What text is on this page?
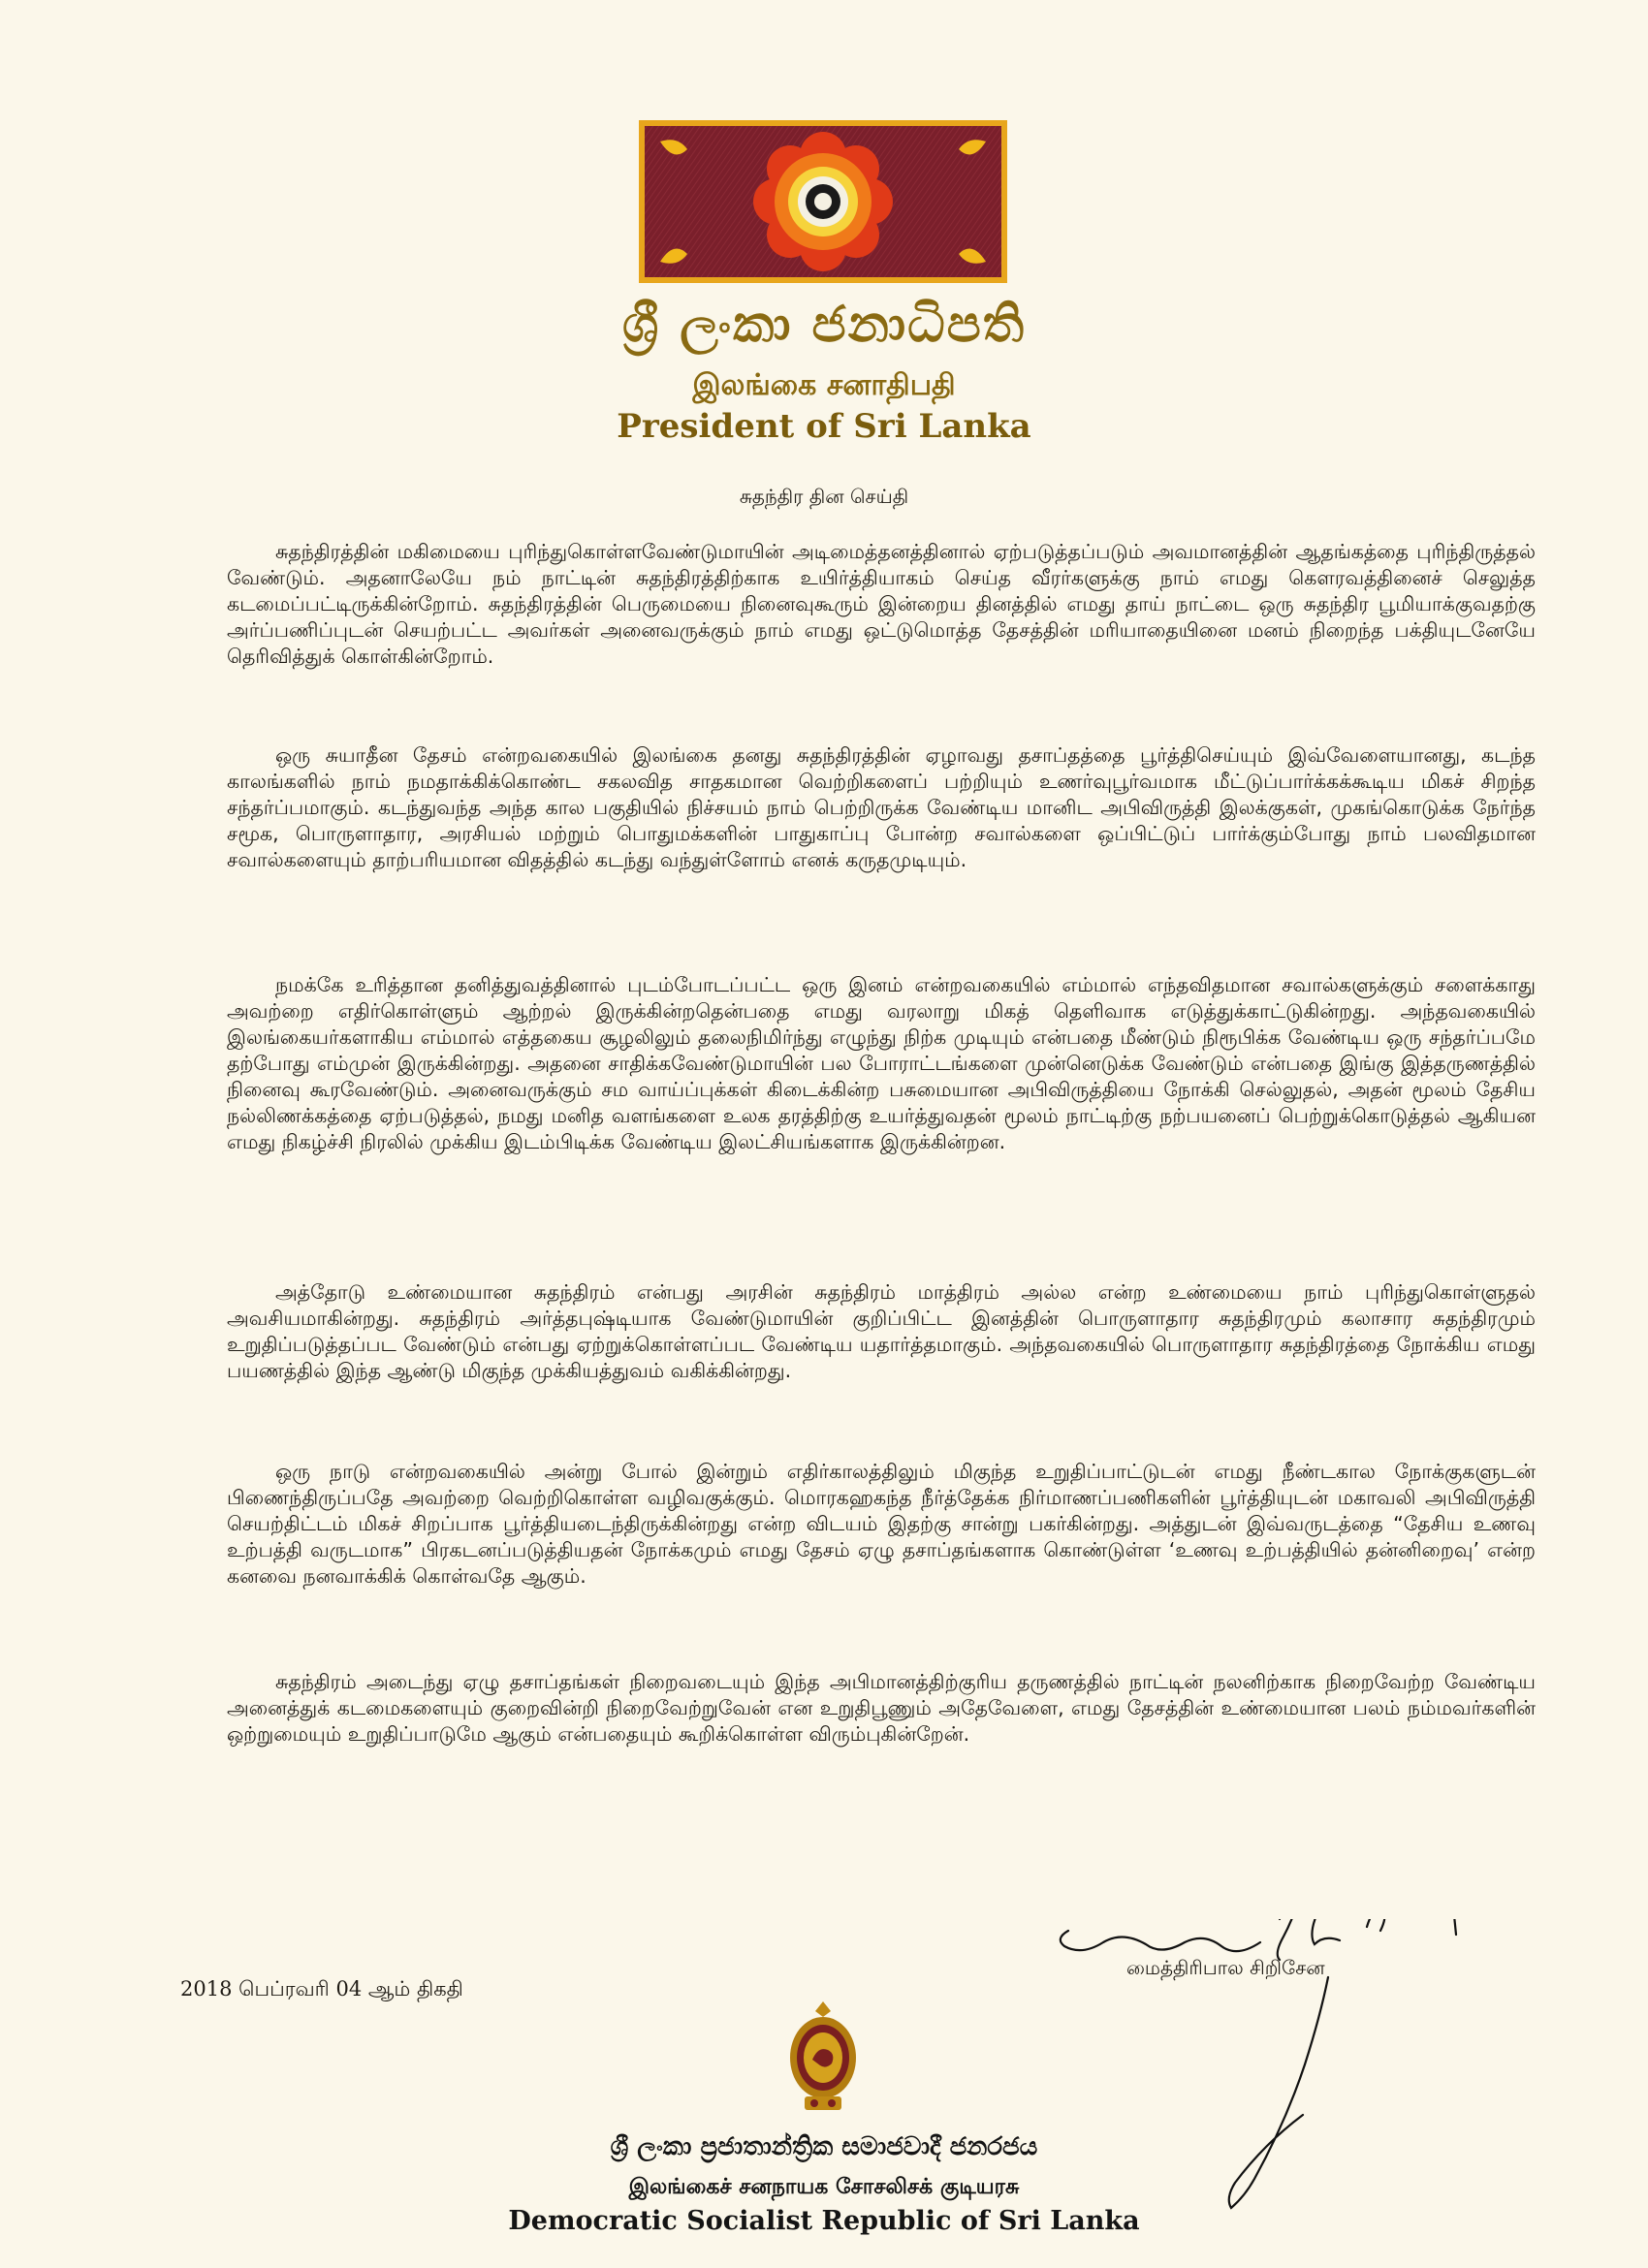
ශ්‍රී ලංකා ජනාධිපති
இலங்கை சனாதிபதி
President of Sri Lanka
சுதந்திர தின செய்தி

சுதந்திரத்தின் மகிமையை புரிந்துகொள்ளவேண்டுமாயின் அடிமைத்தனத்தினால் ஏற்படுத்தப்படும் அவமானத்தின் ஆதங்கத்தை புரிந்திருத்தல் வேண்டும். அதனாலேயே நம் நாட்டின் சுதந்திரத்திற்காக உயிர்த்தியாகம் செய்த வீரர்களுக்கு நாம் எமது கௌரவத்தினைச் செலுத்த கடமைப்பட்டிருக்கின்றோம். சுதந்திரத்தின் பெருமையை நினைவுகூரும் இன்றைய தினத்தில் எமது தாய் நாட்டை ஒரு சுதந்திர பூமியாக்குவதற்கு அர்ப்பணிப்புடன் செயற்பட்ட அவர்கள் அனைவருக்கும் நாம் எமது ஒட்டுமொத்த தேசத்தின் மரியாதையினை மனம் நிறைந்த பக்தியுடனேயே தெரிவித்துக் கொள்கின்றோம்.

ஒரு சுயாதீன தேசம் என்றவகையில் இலங்கை தனது சுதந்திரத்தின் ஏழாவது தசாப்தத்தை பூர்த்திசெய்யும் இவ்வேளையானது, கடந்த காலங்களில் நாம் நமதாக்கிக்கொண்ட சகலவித சாதகமான வெற்றிகளைப் பற்றியும் உணர்வுபூர்வமாக மீட்டுப்பார்க்கக்கூடிய மிகச் சிறந்த சந்தர்ப்பமாகும். கடந்துவந்த அந்த கால பகுதியில் நிச்சயம் நாம் பெற்றிருக்க வேண்டிய மானிட அபிவிருத்தி இலக்குகள், முகங்கொடுக்க நேர்ந்த சமூக, பொருளாதார, அரசியல் மற்றும் பொதுமக்களின் பாதுகாப்பு போன்ற சவால்களை ஒப்பிட்டுப் பார்க்கும்போது நாம் பலவிதமான சவால்களையும் தாற்பரியமான விதத்தில் கடந்து வந்துள்ளோம் எனக் கருதமுடியும்.

நமக்கே உரித்தான தனித்துவத்தினால் புடம்போடப்பட்ட ஒரு இனம் என்றவகையில் எம்மால் எந்தவிதமான சவால்களுக்கும் சளைக்காது அவற்றை எதிர்கொள்ளும் ஆற்றல் இருக்கின்றதென்பதை எமது வரலாறு மிகத் தெளிவாக எடுத்துக்காட்டுகின்றது. அந்தவகையில் இலங்கையர்களாகிய எம்மால் எத்தகைய சூழலிலும் தலைநிமிர்ந்து எழுந்து நிற்க முடியும் என்பதை மீண்டும் நிரூபிக்க வேண்டிய ஒரு சந்தர்ப்பமே தற்போது எம்முன் இருக்கின்றது. அதனை சாதிக்கவேண்டுமாயின் பல போராட்டங்களை முன்னெடுக்க வேண்டும் என்பதை இங்கு இத்தருணத்தில் நினைவு கூரவேண்டும். அனைவருக்கும் சம வாய்ப்புக்கள் கிடைக்கின்ற பசுமையான அபிவிருத்தியை நோக்கி செல்லுதல், அதன் மூலம் தேசிய நல்லிணக்கத்தை ஏற்படுத்தல், நமது மனித வளங்களை உலக தரத்திற்கு உயர்த்துவதன் மூலம் நாட்டிற்கு நற்பயனைப் பெற்றுக்கொடுத்தல் ஆகியன எமது நிகழ்ச்சி நிரலில் முக்கிய இடம்பிடிக்க வேண்டிய இலட்சியங்களாக இருக்கின்றன.

அத்தோடு உண்மையான சுதந்திரம் என்பது அரசின் சுதந்திரம் மாத்திரம் அல்ல என்ற உண்மையை நாம் புரிந்துகொள்ளுதல் அவசியமாகின்றது. சுதந்திரம் அர்த்தபுஷ்டியாக வேண்டுமாயின் குறிப்பிட்ட இனத்தின் பொருளாதார சுதந்திரமும் கலாசார சுதந்திரமும் உறுதிப்படுத்தப்பட வேண்டும் என்பது ஏற்றுக்கொள்ளப்பட வேண்டிய யதார்த்தமாகும். அந்தவகையில் பொருளாதார சுதந்திரத்தை நோக்கிய எமது பயணத்தில் இந்த ஆண்டு மிகுந்த முக்கியத்துவம் வகிக்கின்றது.

ஒரு நாடு என்றவகையில் அன்று போல் இன்றும் எதிர்காலத்திலும் மிகுந்த உறுதிப்பாட்டுடன் எமது நீண்டகால நோக்குகளுடன் பிணைந்திருப்பதே அவற்றை வெற்றிகொள்ள வழிவகுக்கும். மொரகஹகந்த நீர்த்தேக்க நிர்மாணப்பணிகளின் பூர்த்தியுடன் மகாவலி அபிவிருத்தி செயற்திட்டம் மிகச் சிறப்பாக பூர்த்தியடைந்திருக்கின்றது என்ற விடயம் இதற்கு சான்று பகர்கின்றது. அத்துடன் இவ்வருடத்தை “தேசிய உணவு உற்பத்தி வருடமாக” பிரகடனப்படுத்தியதன் நோக்கமும் எமது தேசம் ஏழு தசாப்தங்களாக கொண்டுள்ள ‘உணவு உற்பத்தியில் தன்னிறைவு’ என்ற கனவை நனவாக்கிக் கொள்வதே ஆகும்.

சுதந்திரம் அடைந்து ஏழு தசாப்தங்கள் நிறைவடையும் இந்த அபிமானத்திற்குரிய தருணத்தில் நாட்டின் நலனிற்காக நிறைவேற்ற வேண்டிய அனைத்துக் கடமைகளையும் குறைவின்றி நிறைவேற்றுவேன் என உறுதிபூணும் அதேவேளை, எமது தேசத்தின் உண்மையான பலம் நம்மவர்களின் ஒற்றுமையும் உறுதிப்பாடுமே ஆகும் என்பதையும் கூறிக்கொள்ள விரும்புகின்றேன்.

மைத்திரிபால சிறிசேன
2018 பெப்ரவரி 04 ஆம் திகதி
ශ්‍රී ලංකා ප්‍රජාතාන්ත්‍රික සමාජවාදී ජනරජය
இலங்கைச் சனநாயக சோசலிசக் குடியரசு
Democratic Socialist Republic of Sri Lanka
